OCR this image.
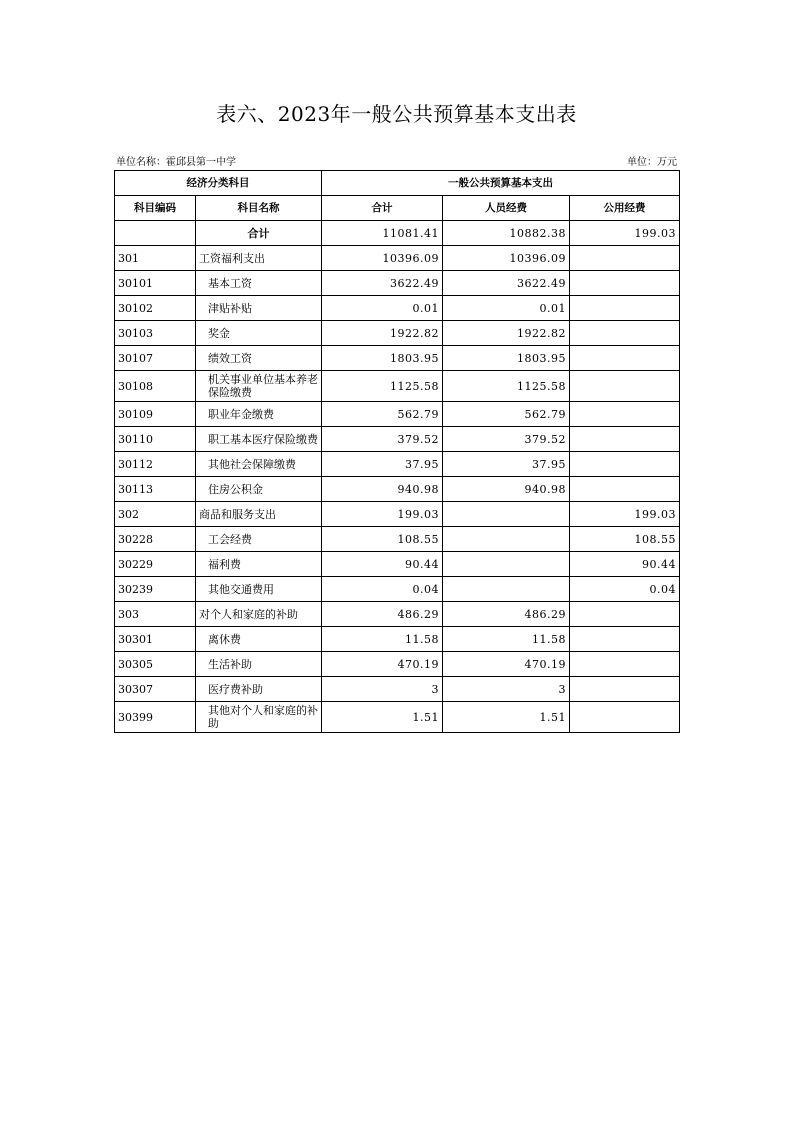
表六、2023年一般公共预算基本支出表
单位名称：霍邱县第一中学	单位：万元
经济分类科目		一般公共预算基本支出		
科目编码	科目名称	合计	人员经费	公用经费
	合计	11081.41	10882.38	199.03
301	工资福利支出	10396.09	10396.09	
30101	基本工资	3622.49	3622.49	
30102	津贴补贴	0.01	0.01	
30103	奖金	1922.82	1922.82	
30107	绩效工资	1803.95	1803.95	
30108	机关事业单位基本养老保险缴费	1125.58	1125.58	
30109	职业年金缴费	562.79	562.79	
30110	职工基本医疗保险缴费	379.52	379.52	
30112	其他社会保障缴费	37.95	37.95	
30113	住房公积金	940.98	940.98	
302	商品和服务支出	199.03		199.03
30228	工会经费	108.55		108.55
30229	福利费	90.44		90.44
30239	其他交通费用	0.04		0.04
303	对个人和家庭的补助	486.29	486.29	
30301	离休费	11.58	11.58	
30305	生活补助	470.19	470.19	
30307	医疗费补助	3	3	
30399	其他对个人和家庭的补助	1.51	1.51	
